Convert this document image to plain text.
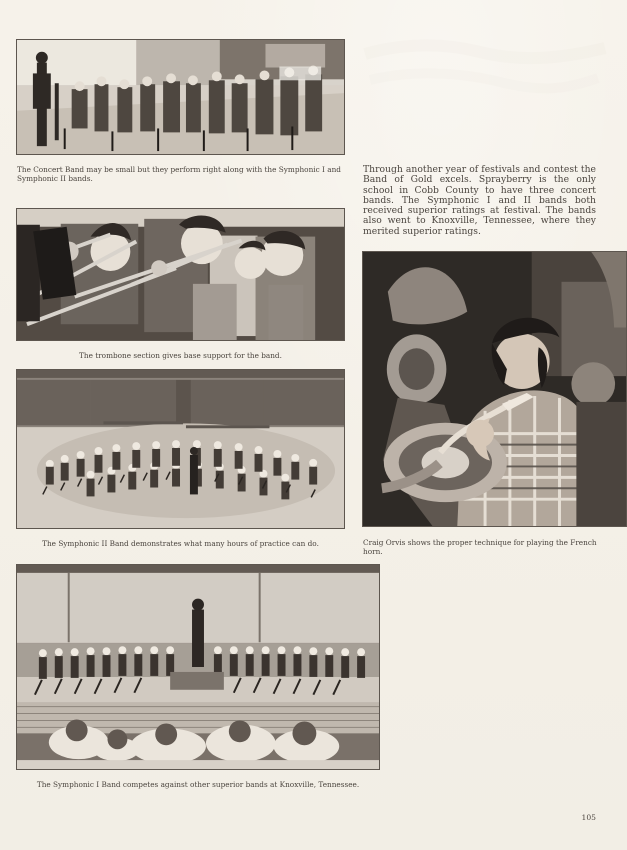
The Concert Band may be small but they perform right along with the Symphonic I and Symphonic II bands.
The trombone section gives base support for the band.
The Symphonic II Band demonstrates what many hours of practice can do.
Through another year of festivals and contest the Band of Gold excels. Sprayberry is the only school in Cobb County to have three concert bands. The Symphonic I and II bands both received superior ratings at festival. The bands also went to Knoxville, Tennessee, where they merited superior ratings.
Craig Orvis shows the proper technique for playing the French horn.
The Symphonic I Band competes against other superior bands at Knoxville, Tennessee.
105
